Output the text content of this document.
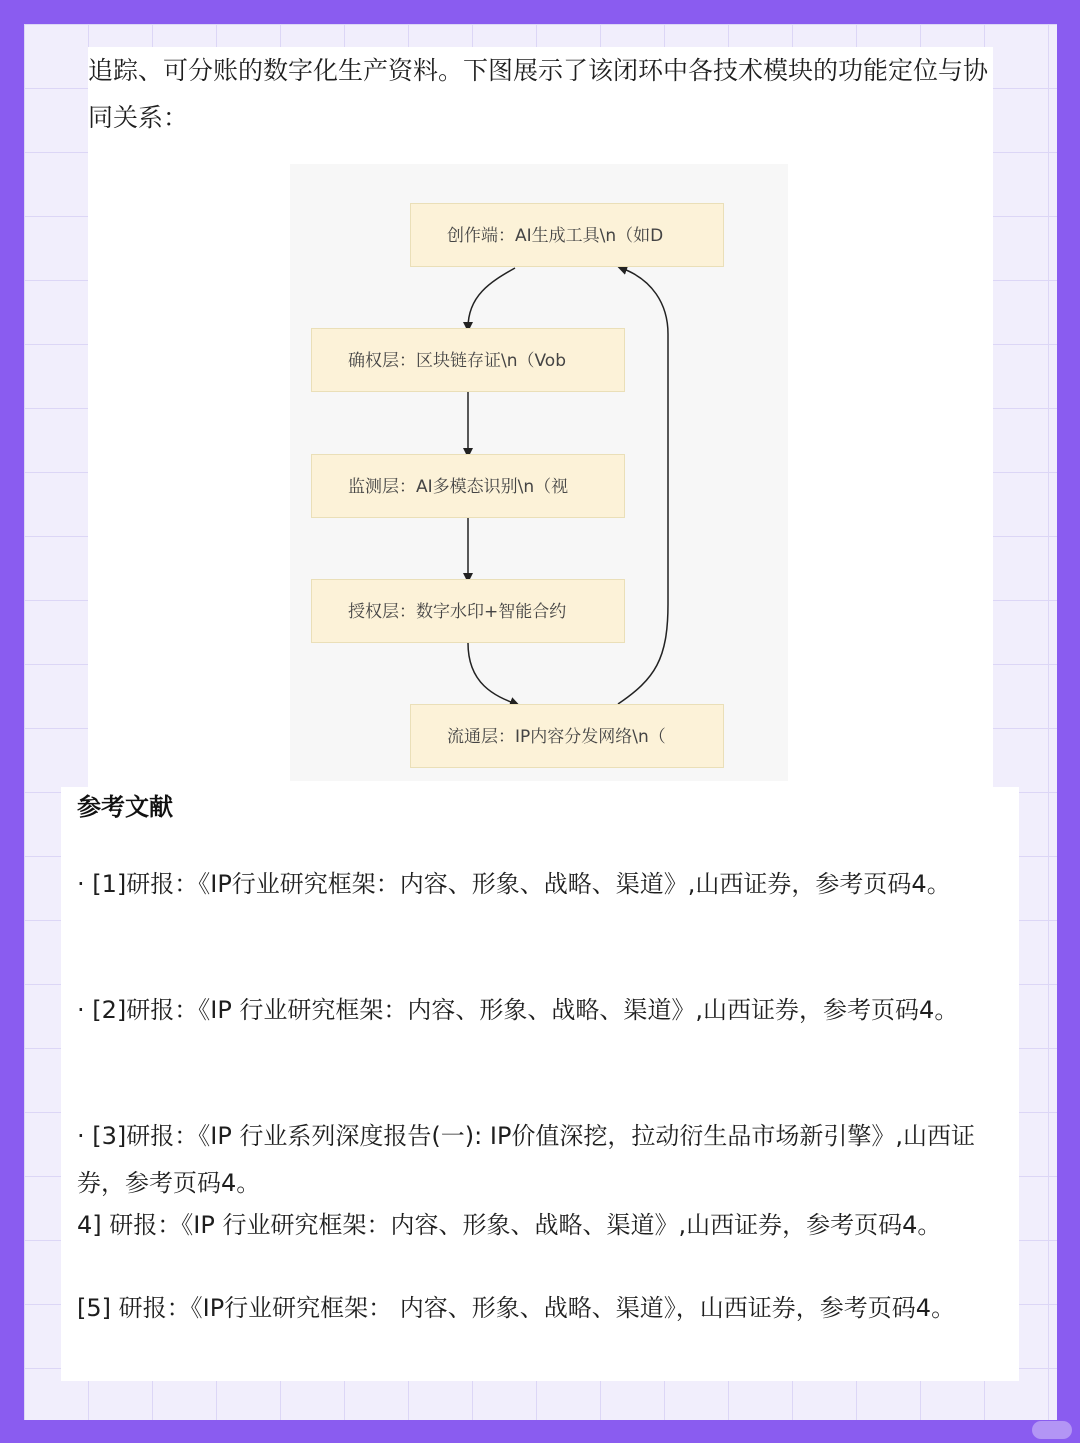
追踪、可分账的数字化生产资料。下图展示了该闭环中各技术模块的功能定位与协同关系：
创作端：AI生成工具\n（如D
确权层：区块链存证\n（Vob
监测层：AI多模态识别\n（视
授权层：数字水印+智能合约
流通层：IP内容分发网络\n（
参考文献
· [1]研报：《IP行业研究框架：内容、形象、战略、渠道》,山西证券，参考页码4。
· [2]研报：《IP 行业研究框架：内容、形象、战略、渠道》,山西证券，参考页码4。
· [3]研报：《IP 行业系列深度报告(一): IP价值深挖，拉动衍生品市场新引擎》,山西证券，参考页码4。
4] 研报：《IP 行业研究框架：内容、形象、战略、渠道》,山西证券，参考页码4。
[5] 研报：《IP行业研究框架： 内容、形象、战略、渠道》，山西证券，参考页码4。
